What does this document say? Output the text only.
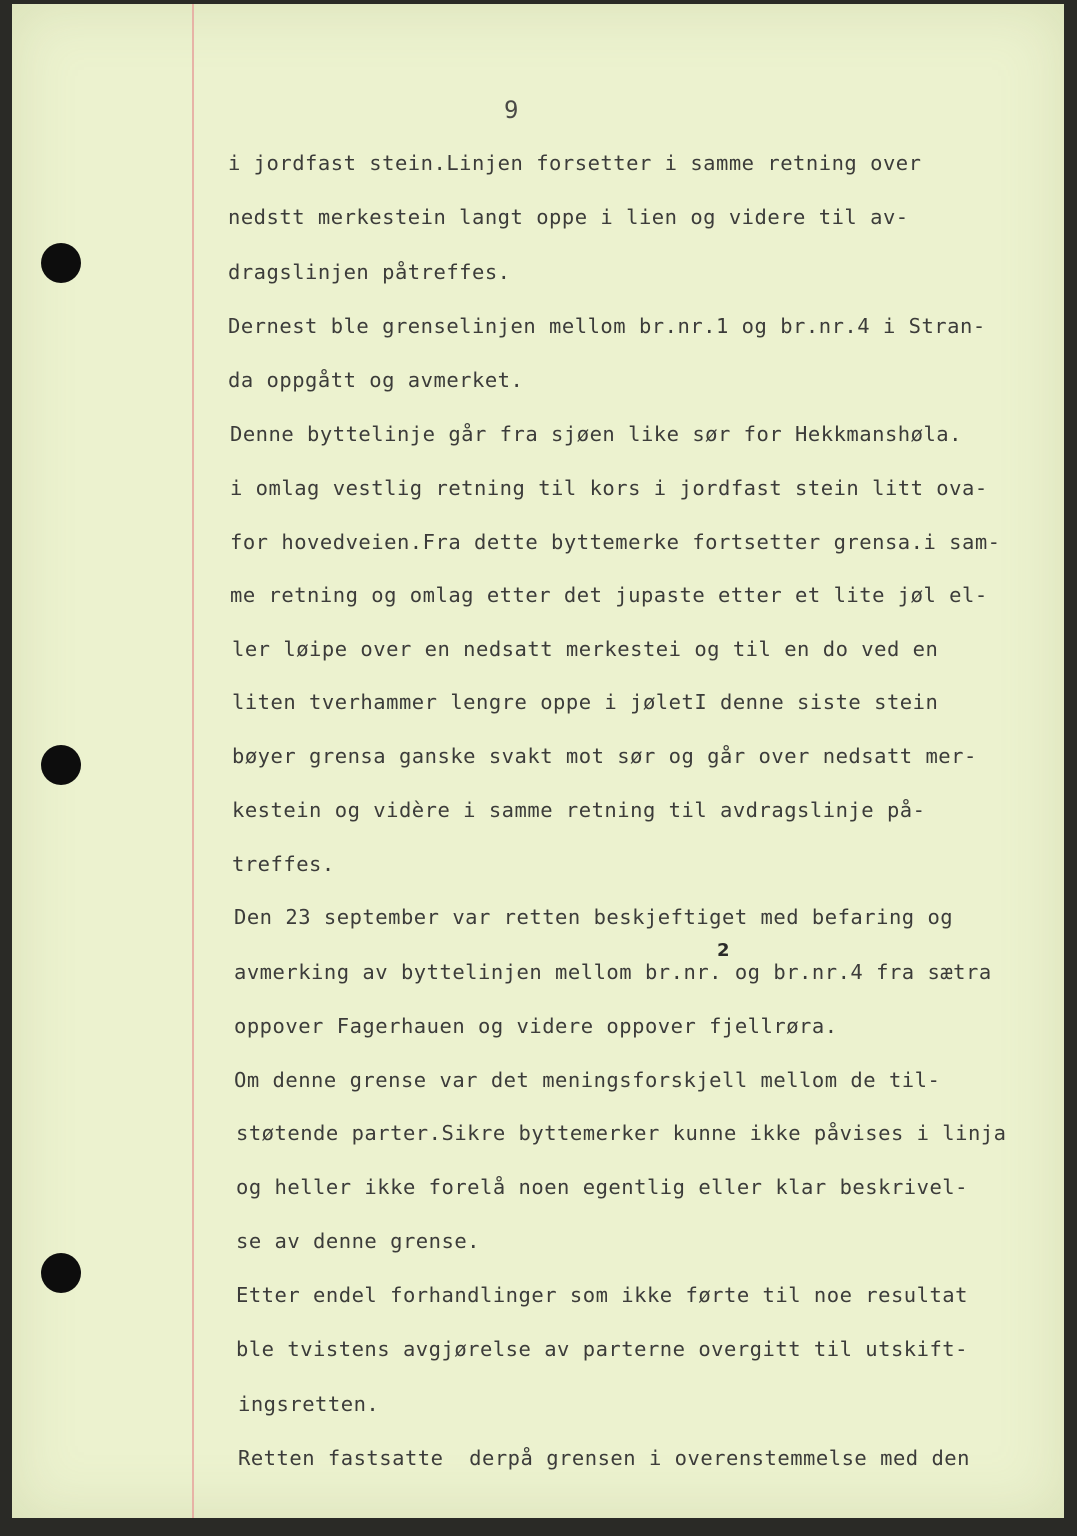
9

i jordfast stein.Linjen forsetter i samme retning over

nedstt merkestein langt oppe i lien og videre til av-

dragslinjen påtreffes.

Dernest ble grenselinjen mellom br.nr.1 og br.nr.4 i Stran-

da oppgått og avmerket.

Denne byttelinje går fra sjøen like sør for Hekkmanshøla.

i omlag vestlig retning til kors i jordfast stein litt ova-

for hovedveien.Fra dette byttemerke fortsetter grensa.i sam-

me retning og omlag etter det jupaste etter et lite jøl el-

ler løipe over en nedsatt merkestei og til en do ved en

liten tverhammer lengre oppe i jøletI denne siste stein

bøyer grensa ganske svakt mot sør og går over nedsatt mer-

kestein og vidère i samme retning til avdragslinje på-

treffes.

Den 23 september var retten beskjeftiget med befaring og

avmerking av byttelinjen mellom br.nr. og br.nr.4 fra sætra

oppover Fagerhauen og videre oppover fjellrøra.

Om denne grense var det meningsforskjell mellom de til-

støtende parter.Sikre byttemerker kunne ikke påvises i linja

og heller ikke forelå noen egentlig eller klar beskrivel-

se av denne grense.

Etter endel forhandlinger som ikke førte til noe resultat

ble tvistens avgjørelse av parterne overgitt til utskift-

ingsretten.

Retten fastsatte  derpå grensen i overenstemmelse med den

2
